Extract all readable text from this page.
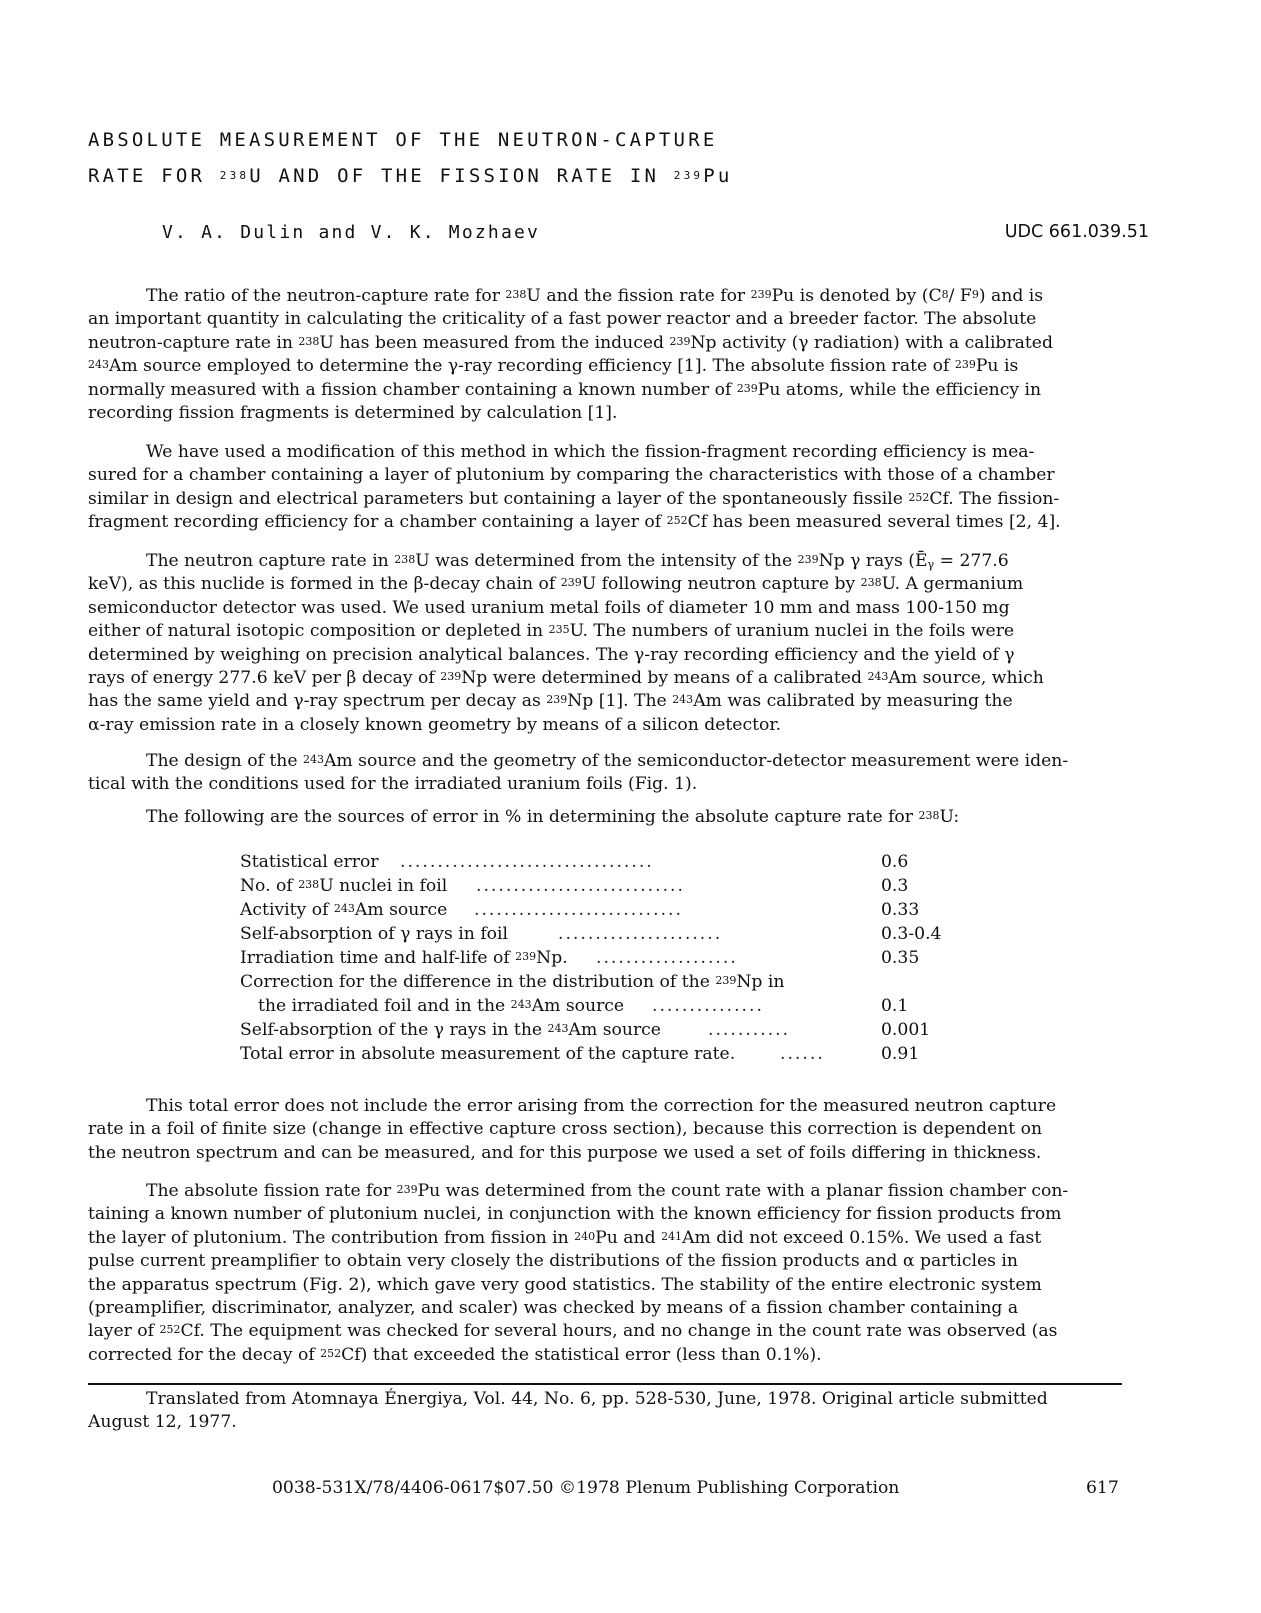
ABSOLUTE MEASUREMENT OF THE NEUTRON-CAPTURE
RATE FOR $^{238}$U AND OF THE FISSION RATE IN $^{239}$Pu
V. A. Dulin and V. K. Mozhaev	UDC 661.039.51
The ratio of the neutron-capture rate for $^{238}$U and the fission rate for $^{239}$Pu is denoted by ($C^8/$ $F^9$) and is
an important quantity in calculating the criticality of a fast power reactor and a breeder factor. The absolute
neutron-capture rate in $^{238}$U has been measured from the induced $^{239}$Np activity (γ radiation) with a calibrated
$^{243}$Am source employed to determine the γ-ray recording efficiency [1]. The absolute fission rate of $^{239}$Pu is
normally measured with a fission chamber containing a known number of $^{239}$Pu atoms, while the efficiency in
recording fission fragments is determined by calculation [1].
We have used a modification of this method in which the fission-fragment recording efficiency is mea-
sured for a chamber containing a layer of plutonium by comparing the characteristics with those of a chamber
similar in design and electrical parameters but containing a layer of the spontaneously fissile $^{252}$Cf. The fission-
fragment recording efficiency for a chamber containing a layer of $^{252}$Cf has been measured several times [2, 4].
The neutron capture rate in $^{238}$U was determined from the intensity of the $^{239}$Np γ rays ($Ē_\gamma = 277.6$
keV), as this nuclide is formed in the β-decay chain of $^{239}$U following neutron capture by $^{238}$U. A germanium
semiconductor detector was used. We used uranium metal foils of diameter 10 mm and mass 100-150 mg
either of natural isotopic composition or depleted in $^{235}$U. The numbers of uranium nuclei in the foils were
determined by weighing on precision analytical balances. The γ-ray recording efficiency and the yield of γ
rays of energy 277.6 keV per β decay of $^{239}$Np were determined by means of a calibrated $^{243}$Am source, which
has the same yield and γ-ray spectrum per decay as $^{239}$Np [1]. The $^{243}$Am was calibrated by measuring the
α-ray emission rate in a closely known geometry by means of a silicon detector.
The design of the $^{243}$Am source and the geometry of the semiconductor-detector measurement were iden-
tical with the conditions used for the irradiated uranium foils (Fig. 1).
The following are the sources of error in % in determining the absolute capture rate for $^{238}$U:
Statistical error ..................................	0.6
No. of $^{238}$U nuclei in foil ............................	0.3
Activity of $^{243}$Am source ............................	0.33
Self-absorption of γ rays in foil	......................	0.3-0.4
Irradiation time and half-life of $^{239}$Np. ...................	0.35
Correction for the difference in the distribution of the $^{239}$Np in
the irradiated foil and in the $^{243}$Am source ...............	0.1
Self-absorption of the γ rays in the $^{243}$Am source	...........	0.001
Total error in absolute measurement of the capture rate.	......	0.91
This total error does not include the error arising from the correction for the measured neutron capture
rate in a foil of finite size (change in effective capture cross section), because this correction is dependent on
the neutron spectrum and can be measured, and for this purpose we used a set of foils differing in thickness.
The absolute fission rate for $^{239}$Pu was determined from the count rate with a planar fission chamber con-
taining a known number of plutonium nuclei, in conjunction with the known efficiency for fission products from
the layer of plutonium. The contribution from fission in $^{240}$Pu and $^{241}$Am did not exceed 0.15%. We used a fast
pulse current preamplifier to obtain very closely the distributions of the fission products and α particles in
the apparatus spectrum (Fig. 2), which gave very good statistics. The stability of the entire electronic system
(preamplifier, discriminator, analyzer, and scaler) was checked by means of a fission chamber containing a
layer of $^{252}$Cf. The equipment was checked for several hours, and no change in the count rate was observed (as
corrected for the decay of $^{252}$Cf) that exceeded the statistical error (less than 0.1%).
Translated from Atomnaya Énergiya, Vol. 44, No. 6, pp. 528-530, June, 1978. Original article submitted
August 12, 1977.
0038-531X/78/4406-0617$07.50 ©1978 Plenum Publishing Corporation	617
